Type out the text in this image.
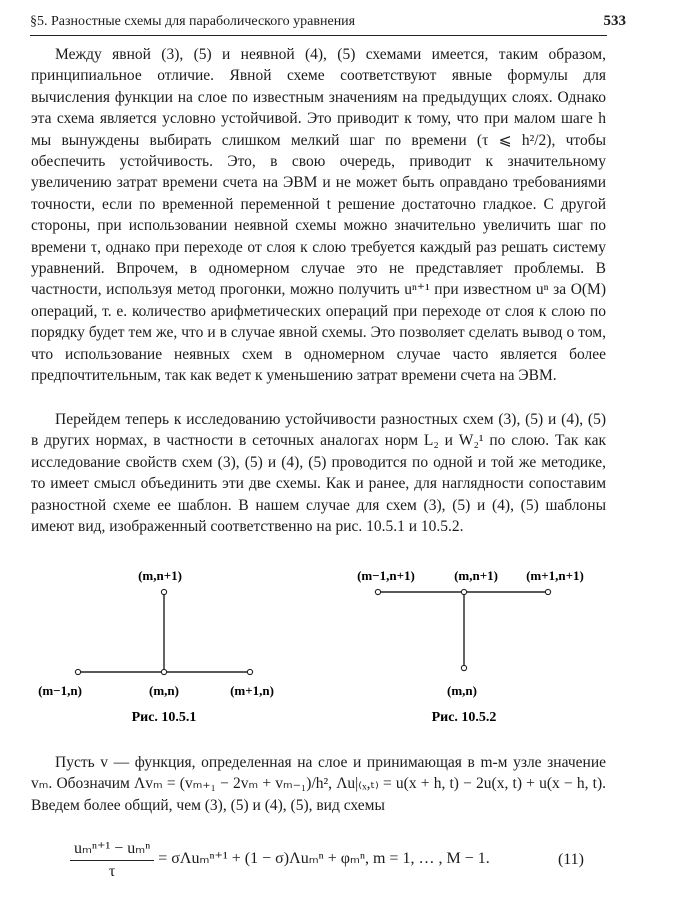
§5. Разностные схемы для параболического уравнения	533

Между явной (3), (5) и неявной (4), (5) схемами имеется, таким образом, принципиальное отличие. Явной схеме соответствуют явные формулы для вычисления функции на слое по известным значениям на предыдущих слоях. Однако эта схема является условно устойчивой. Это приводит к тому, что при малом шаге h мы вынуждены выбирать слишком мелкий шаг по времени (τ ⩽ h²/2), чтобы обеспечить устойчивость. Это, в свою очередь, приводит к значительному увеличению затрат времени счета на ЭВМ и не может быть оправдано требованиями точности, если по временной переменной t решение достаточно гладкое. С другой стороны, при использовании неявной схемы можно значительно увеличить шаг по времени τ, однако при переходе от слоя к слою требуется каждый раз решать систему уравнений. Впрочем, в одномерном случае это не представляет проблемы. В частности, используя метод прогонки, можно получить uⁿ⁺¹ при известном uⁿ за O(M) операций, т. е. количество арифметических операций при переходе от слоя к слою по порядку будет тем же, что и в случае явной схемы. Это позволяет сделать вывод о том, что использование неявных схем в одномерном случае часто является более предпочтительным, так как ведет к уменьшению затрат времени счета на ЭВМ.

Перейдем теперь к исследованию устойчивости разностных схем (3), (5) и (4), (5) в других нормах, в частности в сеточных аналогах норм L₂ и W₂¹ по слою. Так как исследование свойств схем (3), (5) и (4), (5) проводится по одной и той же методике, то имеет смысл объединить эти две схемы. Как и ранее, для наглядности сопоставим разностной схеме ее шаблон. В нашем случае для схем (3), (5) и (4), (5) шаблоны имеют вид, изображенный соответственно на рис. 10.5.1 и 10.5.2.

(m,n+1)
(m−1,n)	(m,n)	(m+1,n)
Рис. 10.5.1
(m−1,n+1)	(m,n+1) (m+1,n+1)
(m,n)
Рис. 10.5.2

Пусть v — функция, определенная на слое и принимающая в m-м узле значение vₘ. Обозначим Λvₘ = (vₘ₊₁ − 2vₘ + vₘ₋₁)/h², Λu|₍ₓ,ₜ₎ = u(x + h, t) − 2u(x, t) + u(x − h, t). Введем более общий, чем (3), (5) и (4), (5), вид схемы

$\frac{\text{uₘⁿ⁺¹ − uₘⁿ}}{\tau} = \sigma\Lambda u_m^{n+1} + (1 - \sigma)\Lambda u_m^n + \varphi_m^n$, m = 1, … , M − 1.	(11)
